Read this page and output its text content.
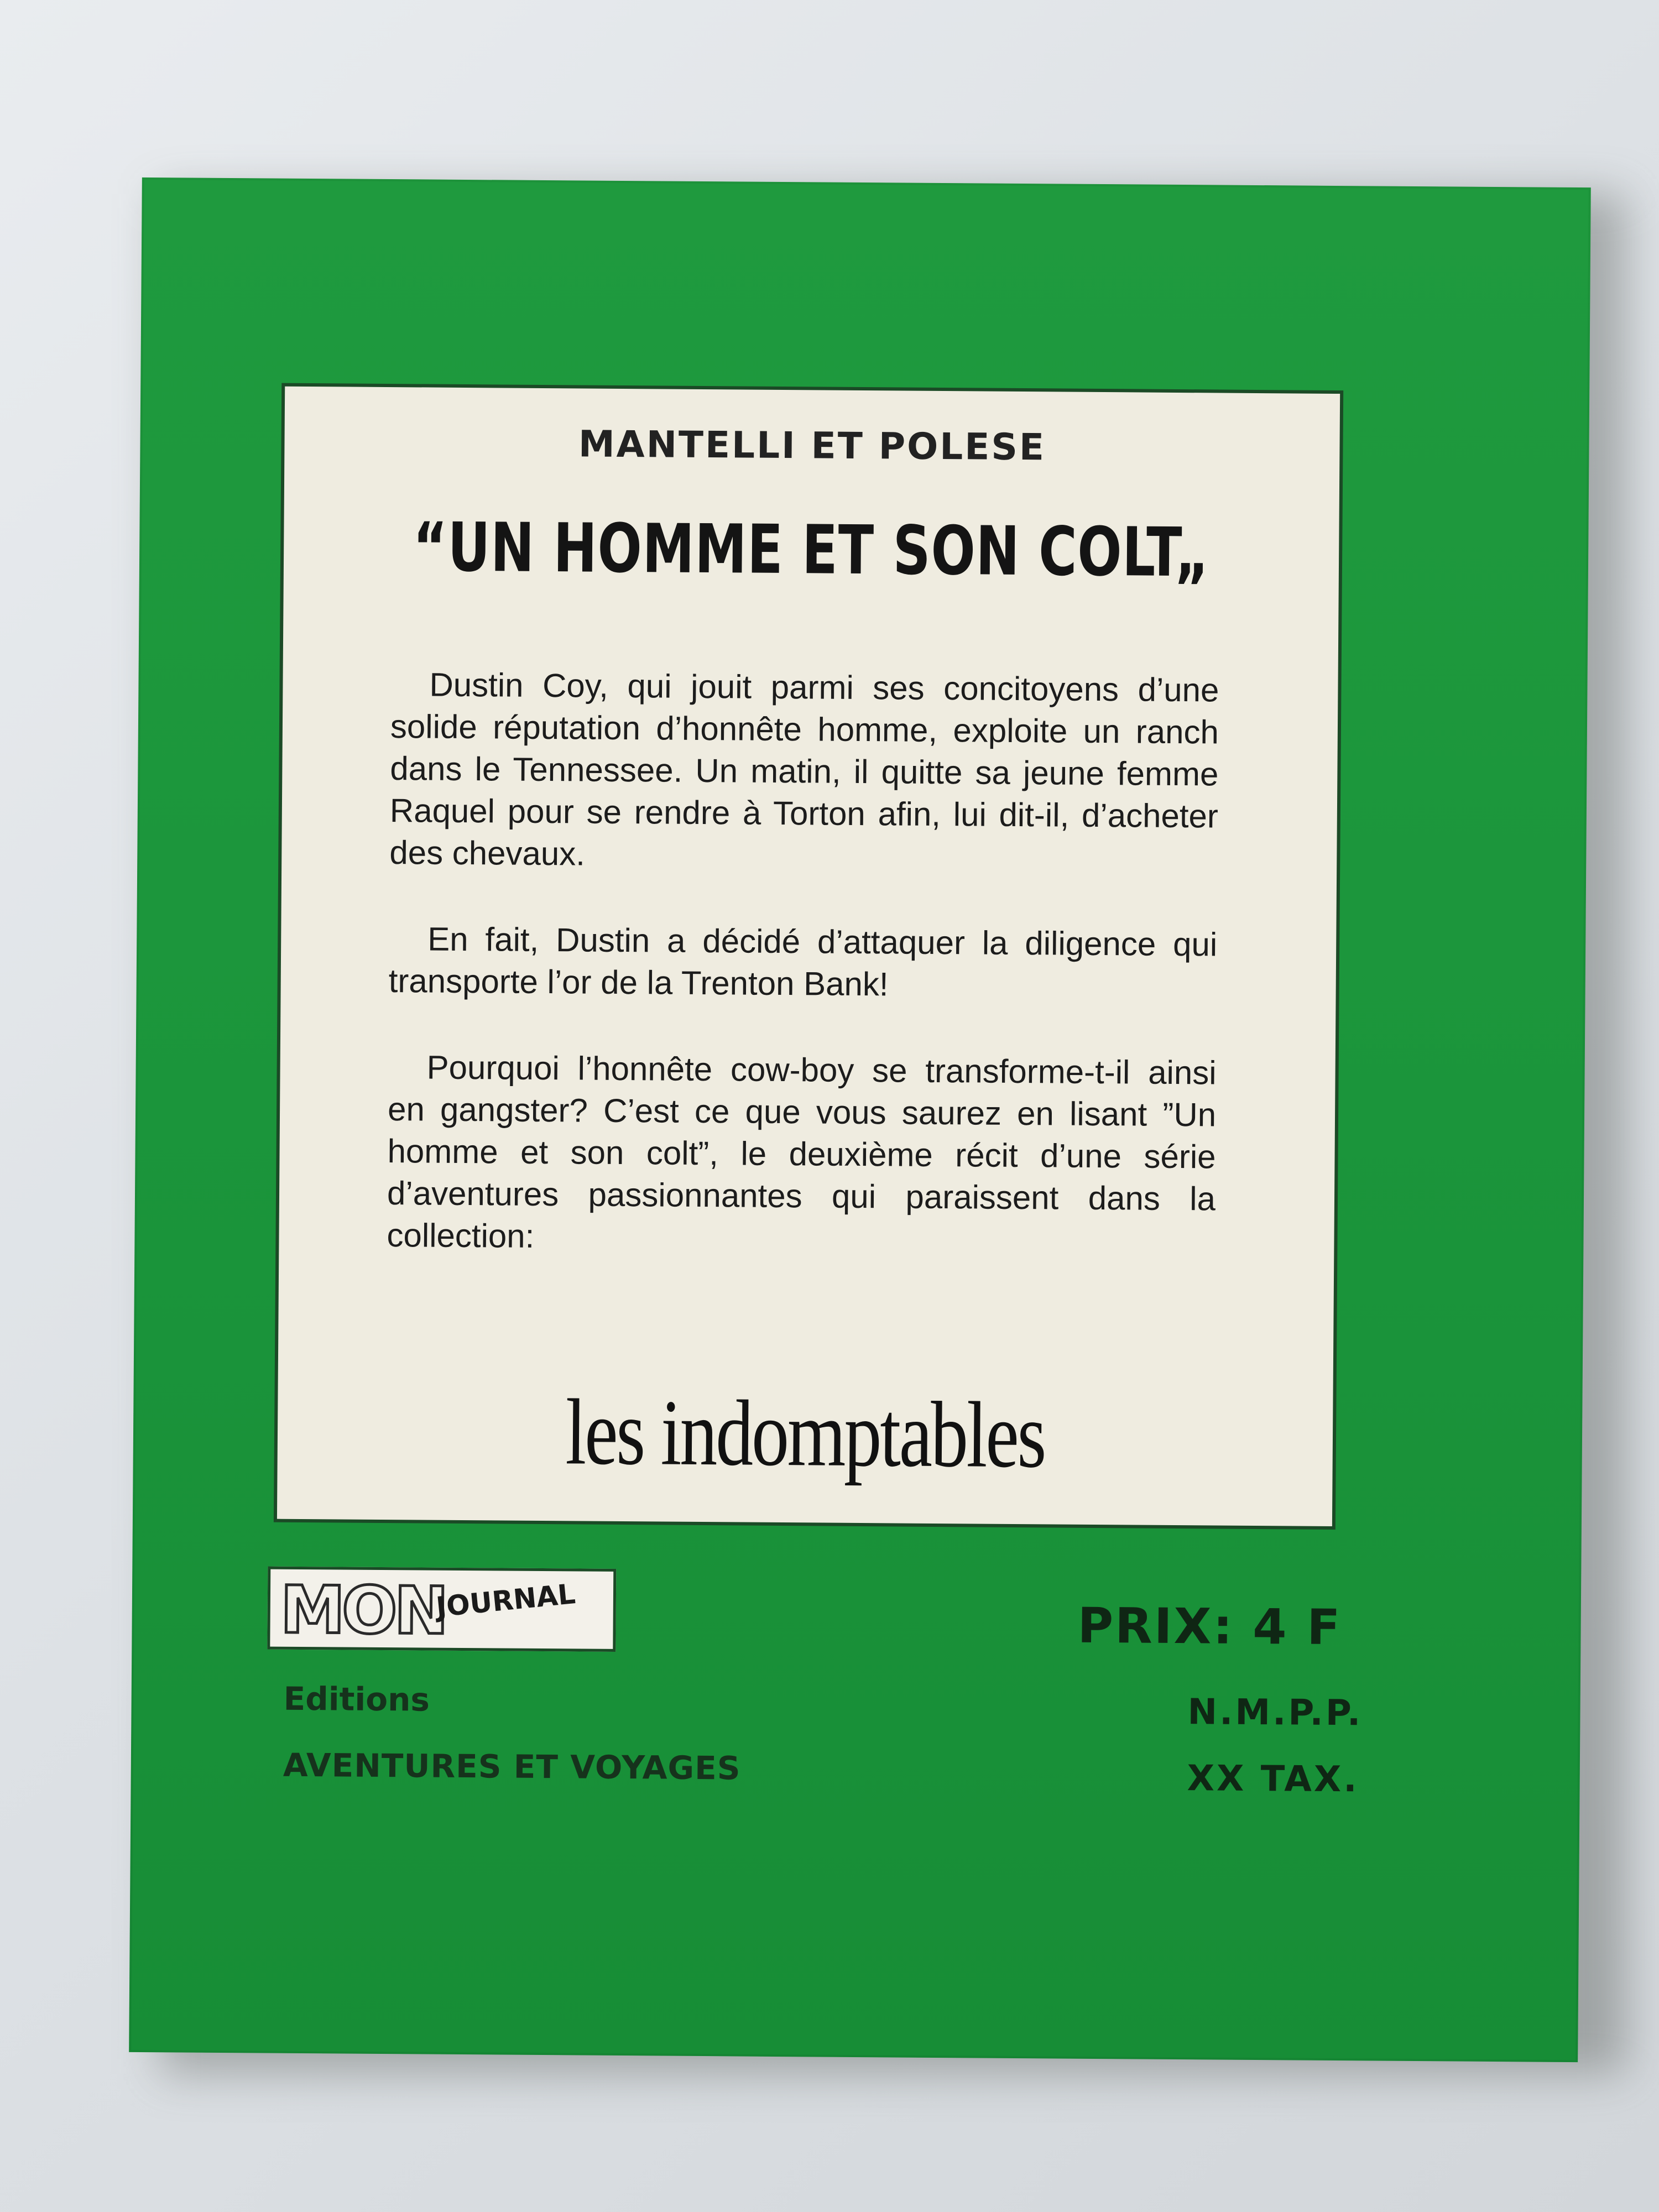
MANTELLI ET POLESE
“UN HOMME ET SON COLT„

Dustin Coy, qui jouit parmi ses concitoyens d’une solide réputation d’honnête homme, exploite un ranch dans le Tennessee. Un matin, il quitte sa jeune femme Raquel pour se rendre à Torton afin, lui dit-il, d’acheter des chevaux.

En fait, Dustin a décidé d’attaquer la diligence qui transporte l’or de la Trenton Bank!

Pourquoi l’honnête cow-boy se transforme-t-il ainsi en gangster? C’est ce que vous saurez en lisant ”Un homme et son colt”, le deuxième récit d’une série d’aventures passionnantes qui paraissent dans la collection:

les indomptables
MON
JOURNAL
Editions
AVENTURES ET VOYAGES
PRIX: 4 F
N.M.P.P.
XX TAX.
